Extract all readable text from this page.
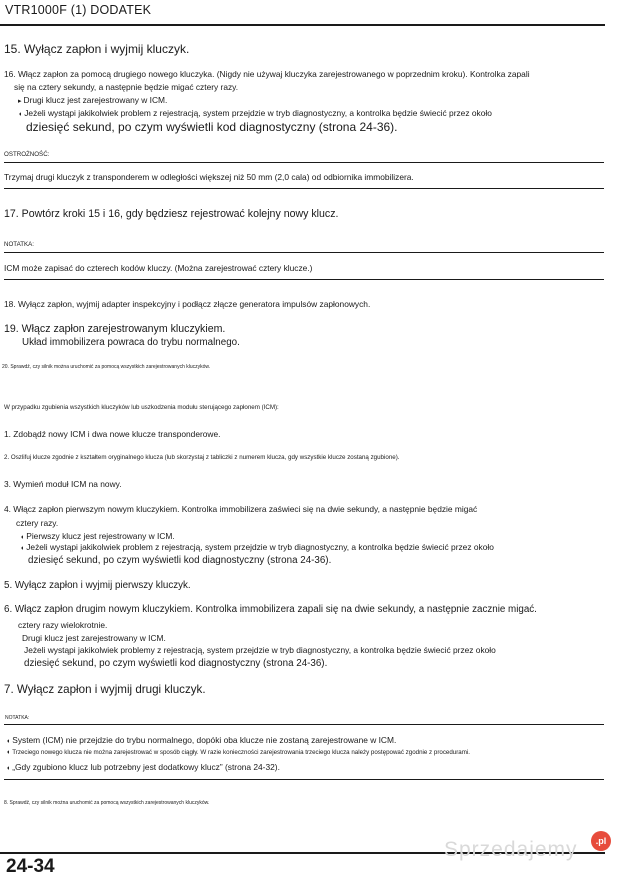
VTR1000F (1) DODATEK
15. Wyłącz zapłon i wyjmij kluczyk.
16. Włącz zapłon za pomocą drugiego nowego kluczyka. (Nigdy nie używaj kluczyka zarejestrowanego w poprzednim kroku). Kontrolka zapali
się na cztery sekundy, a następnie będzie migać cztery razy.
▸ Drugi klucz jest zarejestrowany w ICM.
◖ Jeżeli wystąpi jakikolwiek problem z rejestracją, system przejdzie w tryb diagnostyczny, a kontrolka będzie świecić przez około
dziesięć sekund, po czym wyświetli kod diagnostyczny (strona 24-36).
OSTROŻNOŚĆ:
Trzymaj drugi kluczyk z transponderem w odległości większej niż 50 mm (2,0 cala) od odbiornika immobilizera.
17. Powtórz kroki 15 i 16, gdy będziesz rejestrować kolejny nowy klucz.
NOTATKA:
ICM może zapisać do czterech kodów kluczy. (Można zarejestrować cztery klucze.)
18. Wyłącz zapłon, wyjmij adapter inspekcyjny i podłącz złącze generatora impulsów zapłonowych.
19. Włącz zapłon zarejestrowanym kluczykiem.
Układ immobilizera powraca do trybu normalnego.
20. Sprawdź, czy silnik można uruchomić za pomocą wszystkich zarejestrowanych kluczyków.
W przypadku zgubienia wszystkich kluczyków lub uszkodzenia modułu sterującego zapłonem (ICM):
1. Zdobądź nowy ICM i dwa nowe klucze transponderowe.
2. Oszlifuj klucze zgodnie z kształtem oryginalnego klucza (lub skorzystaj z tabliczki z numerem klucza, gdy wszystkie klucze zostaną zgubione).
3. Wymień moduł ICM na nowy.
4. Włącz zapłon pierwszym nowym kluczykiem. Kontrolka immobilizera zaświeci się na dwie sekundy, a następnie będzie migać
cztery razy.
◖ Pierwszy klucz jest rejestrowany w ICM.
◖ Jeżeli wystąpi jakikolwiek problem z rejestracją, system przejdzie w tryb diagnostyczny, a kontrolka będzie świecić przez około
dziesięć sekund, po czym wyświetli kod diagnostyczny (strona 24-36).
5. Wyłącz zapłon i wyjmij pierwszy kluczyk.
6. Włącz zapłon drugim nowym kluczykiem. Kontrolka immobilizera zapali się na dwie sekundy, a następnie zacznie migać.
cztery razy wielokrotnie.
Drugi klucz jest zarejestrowany w ICM.
Jeżeli wystąpi jakikolwiek problemy z rejestracją, system przejdzie w tryb diagnostyczny, a kontrolka będzie świecić przez około
dziesięć sekund, po czym wyświetli kod diagnostyczny (strona 24-36).
7. Wyłącz zapłon i wyjmij drugi kluczyk.
NOTATKA:
◖ System (ICM) nie przejdzie do trybu normalnego, dopóki oba klucze nie zostaną zarejestrowane w ICM.
◖ Trzeciego nowego klucza nie można zarejestrować w sposób ciągły. W razie konieczności zarejestrowania trzeciego klucza należy postępować zgodnie z procedurami.
◖ „Gdy zgubiono klucz lub potrzebny jest dodatkowy klucz” (strona 24-32).
8. Sprawdź, czy silnik można uruchomić za pomocą wszystkich zarejestrowanych kluczyków.
24-34
Sprzedajemy	.pl
